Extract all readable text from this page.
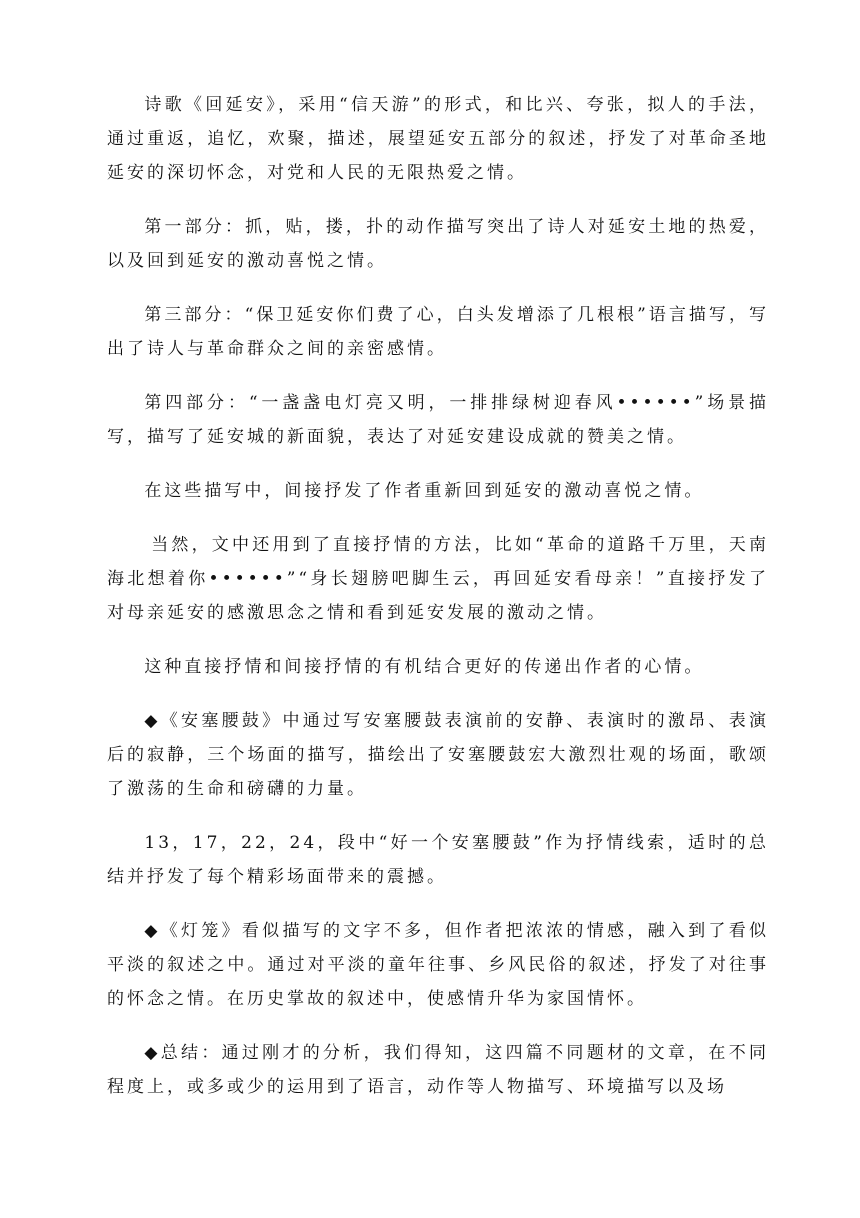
诗歌《回延安》，采用“信天游”的形式，和比兴、夸张，拟人的手法，通过重返，追忆，欢聚，描述，展望延安五部分的叙述，抒发了对革命圣地延安的深切怀念，对党和人民的无限热爱之情。

第一部分：抓，贴，搂，扑的动作描写突出了诗人对延安土地的热爱，以及回到延安的激动喜悦之情。

第三部分：“保卫延安你们费了心，白头发增添了几根根”语言描写，写出了诗人与革命群众之间的亲密感情。

第四部分：“一盏盏电灯亮又明，一排排绿树迎春风••••••”场景描写，描写了延安城的新面貌，表达了对延安建设成就的赞美之情。

在这些描写中，间接抒发了作者重新回到延安的激动喜悦之情。

当然，文中还用到了直接抒情的方法，比如“革命的道路千万里，天南海北想着你••••••”“身长翅膀吧脚生云，再回延安看母亲！”直接抒发了对母亲延安的感激思念之情和看到延安发展的激动之情。

这种直接抒情和间接抒情的有机结合更好的传递出作者的心情。

◆《安塞腰鼓》中通过写安塞腰鼓表演前的安静、表演时的激昂、表演后的寂静，三个场面的描写，描绘出了安塞腰鼓宏大激烈壮观的场面，歌颂了激荡的生命和磅礴的力量。

13，17，22，24，段中“好一个安塞腰鼓”作为抒情线索，适时的总结并抒发了每个精彩场面带来的震撼。

◆《灯笼》看似描写的文字不多，但作者把浓浓的情感，融入到了看似平淡的叙述之中。通过对平淡的童年往事、乡风民俗的叙述，抒发了对往事的怀念之情。在历史掌故的叙述中，使感情升华为家国情怀。

◆总结：通过刚才的分析，我们得知，这四篇不同题材的文章，在不同程度上，或多或少的运用到了语言，动作等人物描写、环境描写以及场
